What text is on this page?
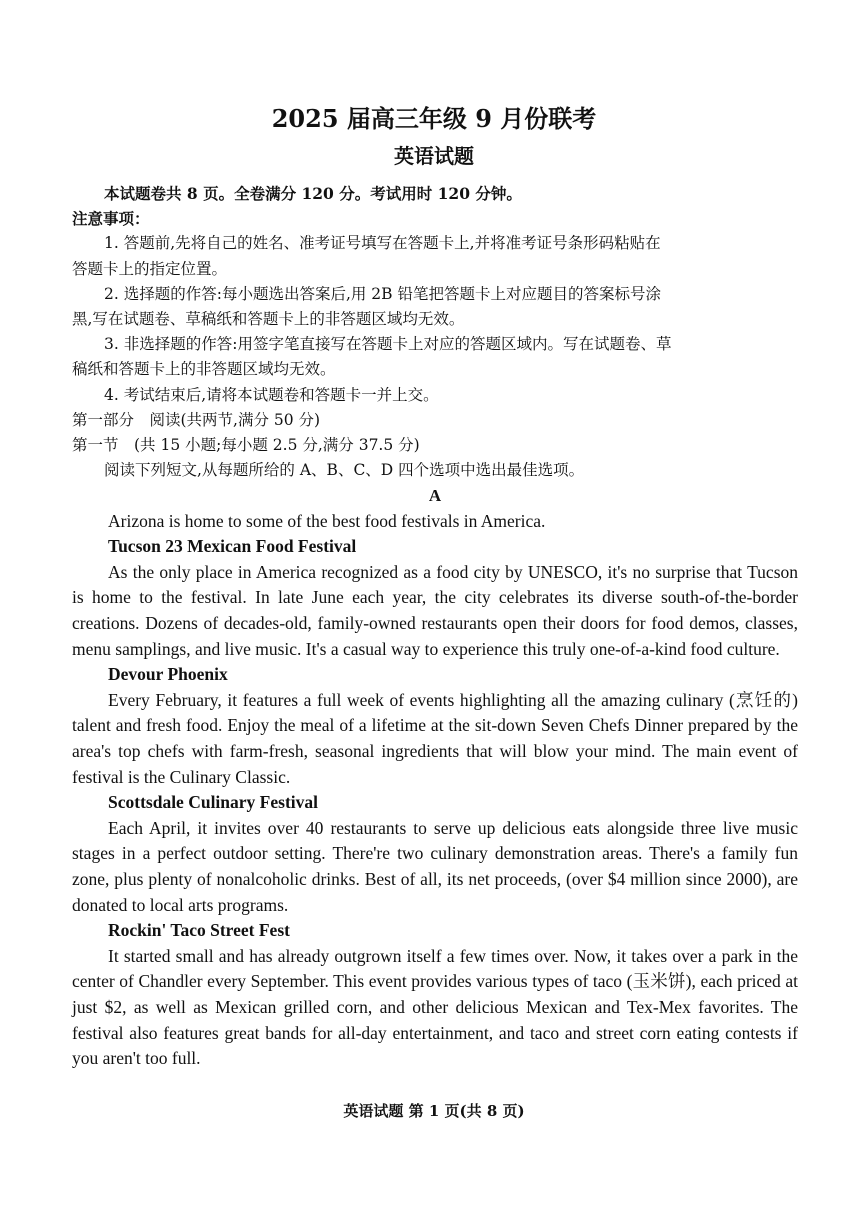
2025 届高三年级 9 月份联考
英语试题
本试题卷共 8 页。全卷满分 120 分。考试用时 120 分钟。
注意事项：
1. 答题前,先将自己的姓名、准考证号填写在答题卡上,并将准考证号条形码粘贴在
答题卡上的指定位置。
2. 选择题的作答:每小题选出答案后,用 2B 铅笔把答题卡上对应题目的答案标号涂
黑,写在试题卷、草稿纸和答题卡上的非答题区域均无效。
3. 非选择题的作答:用签字笔直接写在答题卡上对应的答题区域内。写在试题卷、草
稿纸和答题卡上的非答题区域均无效。
4. 考试结束后,请将本试题卷和答题卡一并上交。
第一部分　阅读(共两节,满分 50 分)
第一节　(共 15 小题;每小题 2.5 分,满分 37.5 分)
阅读下列短文,从每题所给的 A、B、C、D 四个选项中选出最佳选项。
A
Arizona is home to some of the best food festivals in America.
Tucson 23 Mexican Food Festival
As the only place in America recognized as a food city by UNESCO, it's no surprise that Tucson is home to the festival. In late June each year, the city celebrates its diverse south-of-the-border creations. Dozens of decades-old, family-owned restaurants open their doors for food demos, classes, menu samplings, and live music. It's a casual way to experience this truly one-of-a-kind food culture.
Devour Phoenix
Every February, it features a full week of events highlighting all the amazing culinary (烹饪的) talent and fresh food. Enjoy the meal of a lifetime at the sit-down Seven Chefs Dinner prepared by the area's top chefs with farm-fresh, seasonal ingredients that will blow your mind. The main event of festival is the Culinary Classic.
Scottsdale Culinary Festival
Each April, it invites over 40 restaurants to serve up delicious eats alongside three live music stages in a perfect outdoor setting. There're two culinary demonstration areas. There's a family fun zone, plus plenty of nonalcoholic drinks. Best of all, its net proceeds, (over $4 million since 2000), are donated to local arts programs.
Rockin' Taco Street Fest
It started small and has already outgrown itself a few times over. Now, it takes over a park in the center of Chandler every September. This event provides various types of taco (玉米饼), each priced at just $2, as well as Mexican grilled corn, and other delicious Mexican and Tex-Mex favorites. The festival also features great bands for all-day entertainment, and taco and street corn eating contests if you aren't too full.
英语试题 第 1 页(共 8 页)
